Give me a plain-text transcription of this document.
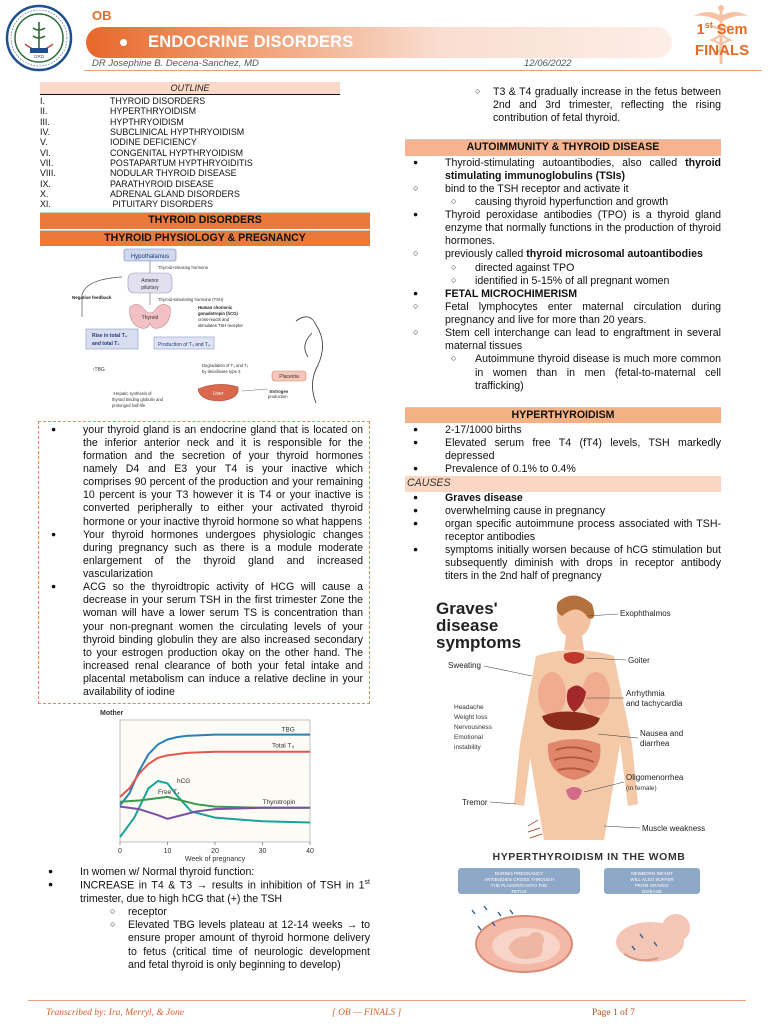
GRD
OB
ENDOCRINE DISORDERS
DR Josephine B. Decena-Sanchez, MD	12/06/2022
1st Sem
FINALS
OUTLINE
I.	THYROID DISORDERS
II.	HYPERTHRYOIDISM
III.	HYPTHRYOIDISM
IV.	SUBCLINICAL HYPTHRYOIDISM
V.	IODINE DEFICIENCY
VI.	CONGENITAL HYPTHRYOIDISM
VII.	POSTAPARTUM HYPTHRYOIDITIS
VIII.	NODULAR THYROID DISEASE
IX.	PARATHYROID DISEASE
X.	ADRENAL GLAND DISORDERS
XI.	PITUITARY DISORDERS
THYROID DISORDERS
THYROID PHYSIOLOGY & PREGNANCY
Hypothalamus
Thyroid-releasing hormone
Anterior
pituitary
Negative feedback	Thyroid-stimulating hormone (TSH)
Thyroid
Human chorionic
gonadotropin (hCG)
cross-reacts and
stimulates TSH receptor
Rise in total T₄
and total T₃	Production of T₃ and T₄
↑TBG
Degradation of T₃ and T₄
by deiodinase type 3
Placenta
Liver	↑Estrogen
production
↑Hepatic synthesis of
thyroid binding globulin and
prolonged half-life
● your thyroid gland is an endocrine gland that is located on the inferior anterior neck and it is responsible for the formation and the secretion of your thyroid hormones namely D4 and E3 your T4 is your inactive which comprises 90 percent of the production and your remaining 10 percent is your T3 however it is T4 or your inactive is converted peripherally to either your activated thyroid hormone or your inactive thyroid hormone so what happens
● Your thyroid hormones undergoes physiologic changes during pregnancy such as there is a module moderate enlargement of the thyroid gland and increased vascularization
● ACG so the thyroidtropic activity of HCG will cause a decrease in your serum TSH in the first trimester Zone the woman will have a lower serum TS is concentration than your non-pregnant women the circulating levels of your thyroid binding globulin they are also increased secondary to your estrogen production okay on the other hand. The increased renal clearance of both your fetal intake and placental metabolism can induce a relative decline in your availability of iodine
Mother
0	10	20	30	40
Week of pregnancy
TBG
Total T₄
hCG
Free T₄
Thyrotropin
● In women w/ Normal thyroid function:
● INCREASE in T4 & T3 → results in inhibition of TSH in 1st trimester, due to high hCG that (+) the TSH
○ receptor
○ Elevated TBG levels plateau at 12-14 weeks → to ensure proper amount of thyroid hormone delivery to fetus (critical time of neurologic development and fetal thyroid is only beginning to develop)
○ T3 & T4 gradually increase in the fetus between 2nd and 3rd trimester, reflecting the rising contribution of fetal thyroid.
AUTOIMMUNITY & THYROID DISEASE
● Thyroid-stimulating autoantibodies, also called thyroid stimulating immunoglobulins (TSIs)
○ bind to the TSH receptor and activate it
○ causing thyroid hyperfunction and growth
● Thyroid peroxidase antibodies (TPO) is a thyroid gland enzyme that normally functions in the production of thyroid hormones.
○ previously called thyroid microsomal autoantibodies
○ directed against TPO
○ identified in 5-15% of all pregnant women
● FETAL MICROCHIMERISM
○ Fetal lymphocytes enter maternal circulation during pregnancy and live for more than 20 years.
○ Stem cell interchange can lead to engraftment in several maternal tissues
○ Autoimmune thyroid disease is much more common in women than in men (fetal-to-maternal cell trafficking)
HYPERTHYROIDISM
● 2-17/1000 births
● Elevated serum free T4 (fT4) levels, TSH markedly depressed
● Prevalence of 0.1% to 0.4%
CAUSES
● Graves disease
● overwhelming cause in pregnancy
● organ specific autoimmune process associated with TSH-receptor antibodies
● symptoms initially worsen because of hCG stimulation but subsequently diminish with drops in receptor antibody titers in the 2nd half of pregnancy
Graves'
disease
symptoms
Exophthalmos
Goiter
Sweating
Arrhythmia
and tachycardia
Headache
Weight loss
Nervousness
Emotional
instability
Nausea and
diarrhea
Oligomenorrhea
(in female)
Tremor
Muscle weakness
HYPERTHYROIDISM IN THE WOMB
DURING PREGNANCY
ANTIBODIES CROSS THROUGH
THE PLACENTA INTO THE
FETUS
NEWBORN INFANT
WILL ALSO SUFFER
FROM GRAVES'
DISEASE
Transcribed by: Ira, Merryl, & Jone	[ OB — FINALS ]	Page 1 of 7
